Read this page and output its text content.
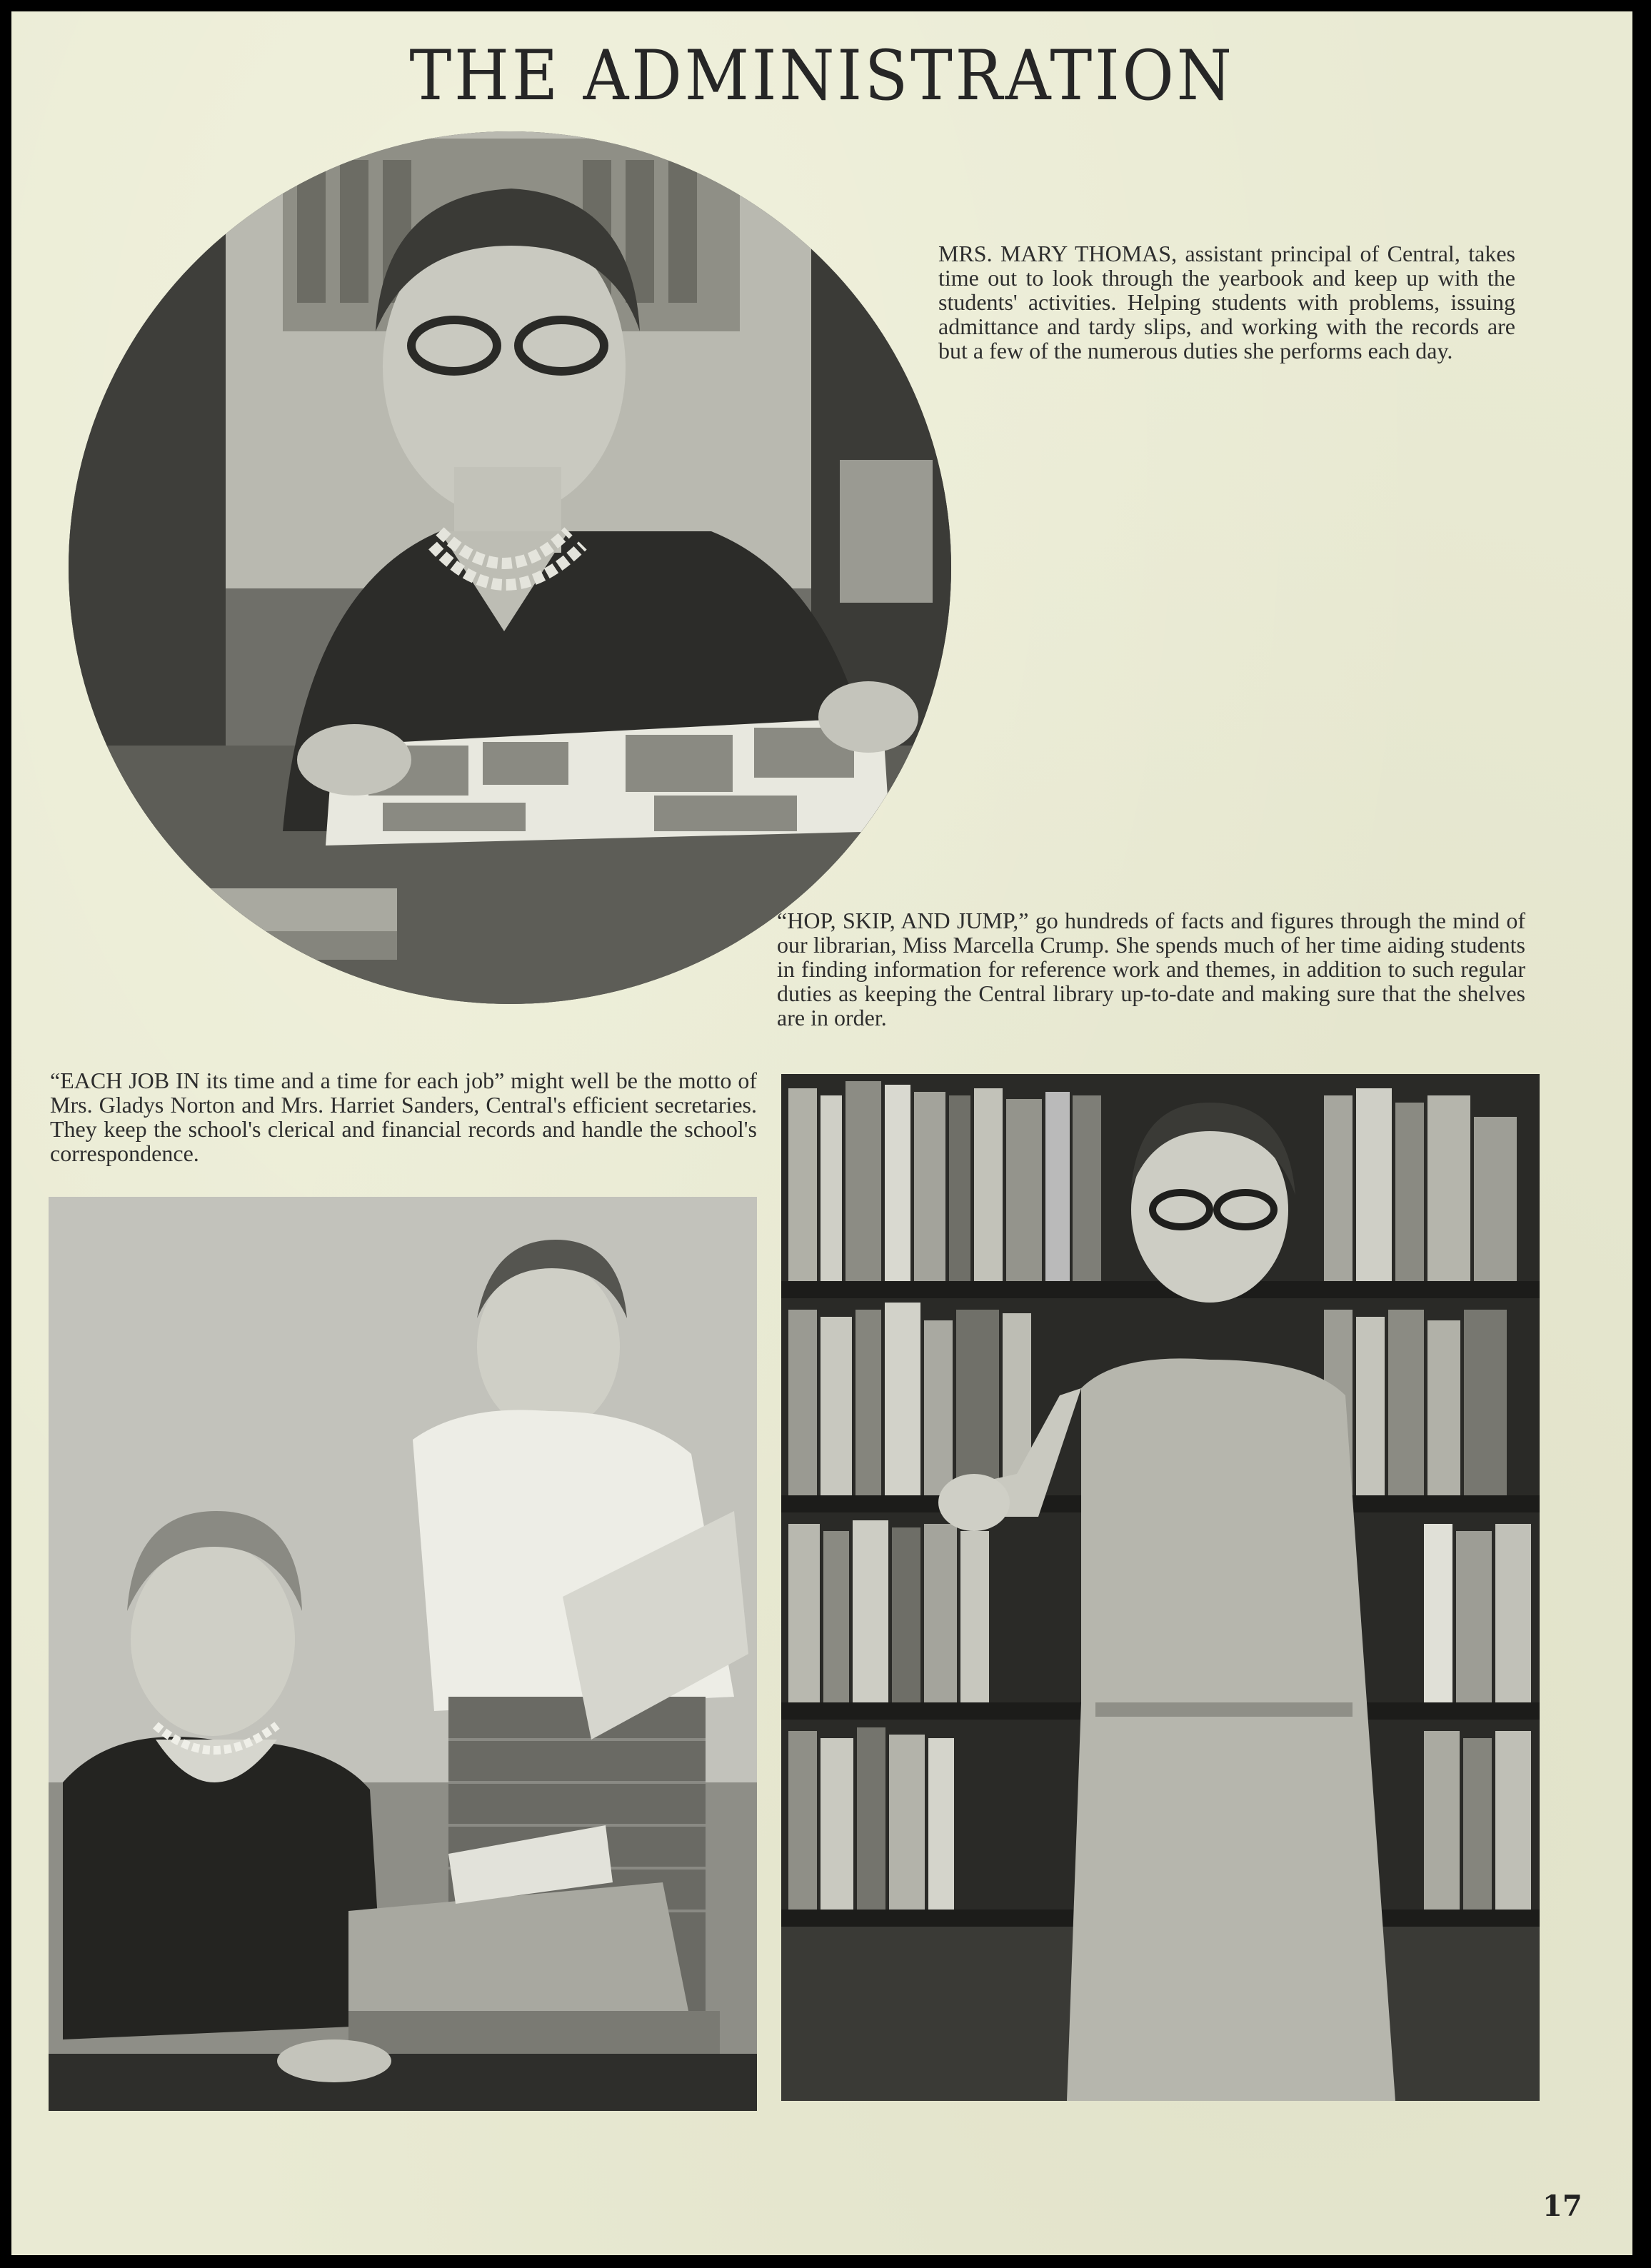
THE ADMINISTRATION

MRS. MARY THOMAS, assistant principal of Central, takes time out to look through the yearbook and keep up with the students' activities. Helping students with problems, issuing admittance and tardy slips, and working with the records are but a few of the numerous duties she performs each day.

“HOP, SKIP, AND JUMP,” go hundreds of facts and figures through the mind of our librarian, Miss Marcella Crump. She spends much of her time aiding students in finding information for reference work and themes, in addition to such regular duties as keeping the Central library up-to-date and making sure that the shelves are in order.

“EACH JOB IN its time and a time for each job” might well be the motto of Mrs. Gladys Norton and Mrs. Harriet Sanders, Central's efficient secretaries. They keep the school's clerical and financial records and handle the school's correspondence.

17
